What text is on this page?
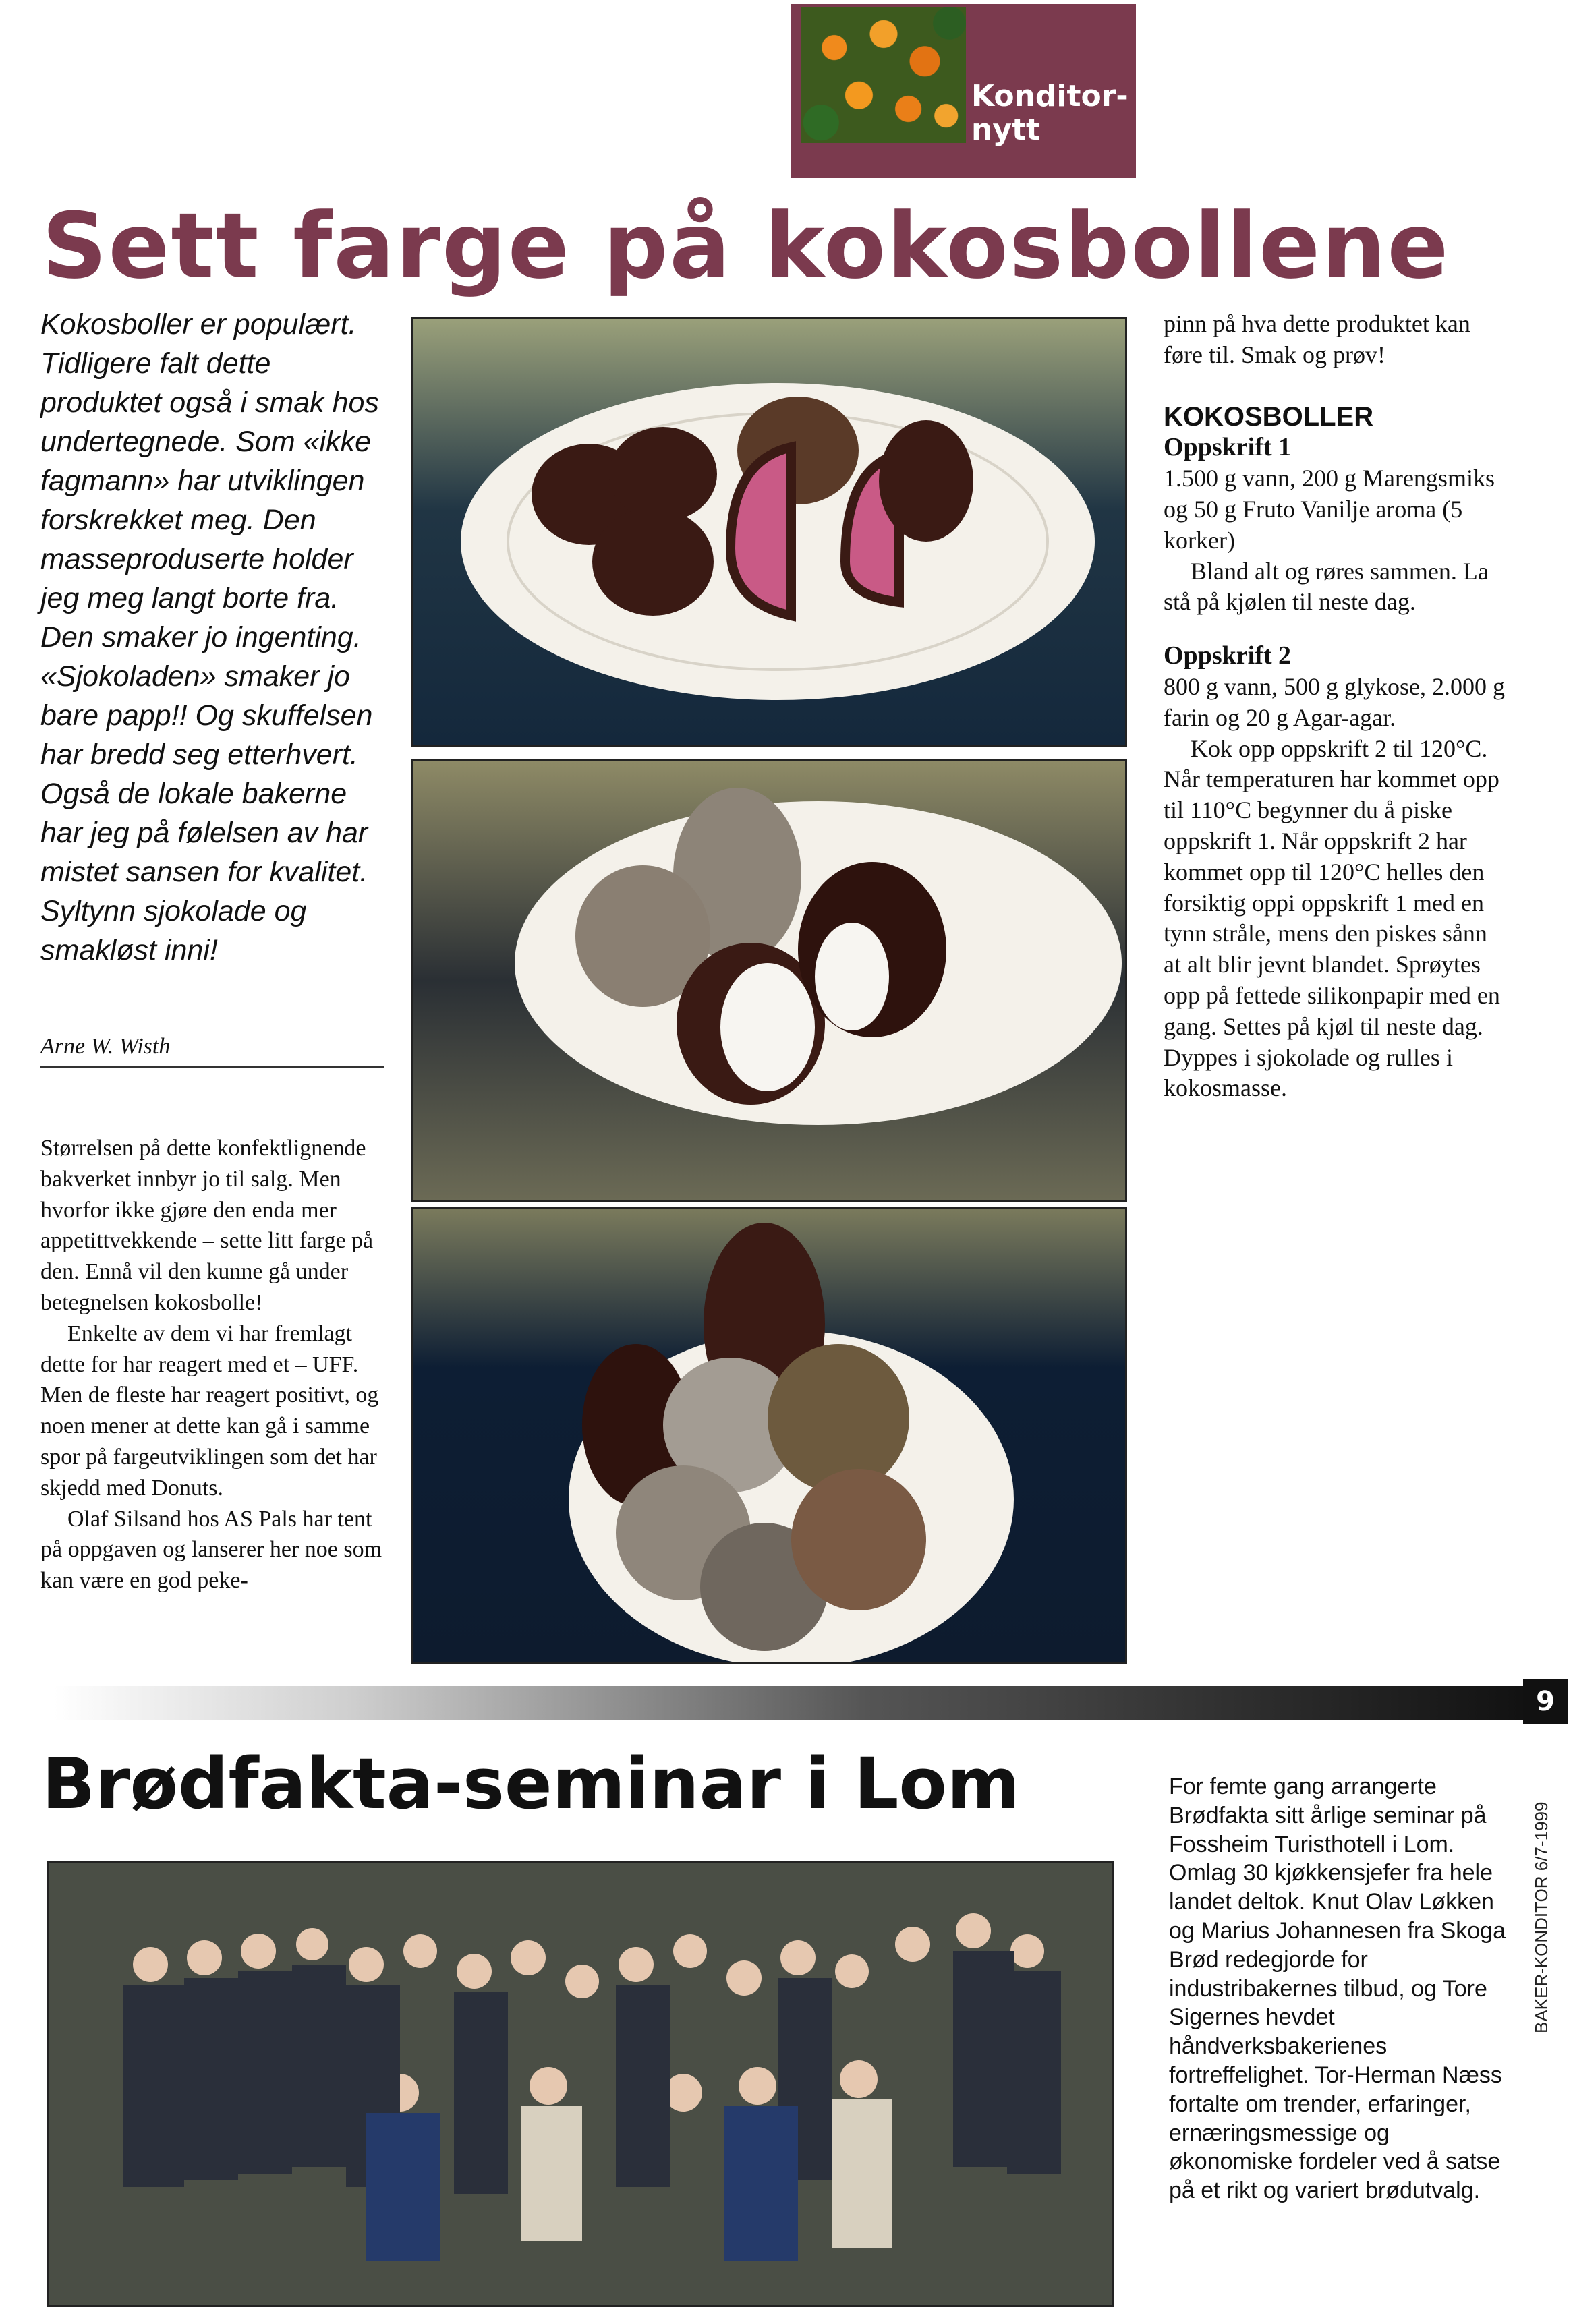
Konditor-
nytt
Sett farge på kokosbollene

Kokosboller er populært. Tidligere falt dette produktet også i smak hos undertegnede. Som «ikke fagmann» har utviklingen forskrekket meg. Den masseproduserte holder jeg meg langt borte fra. Den smaker jo ingenting. «Sjokoladen» smaker jo bare papp!! Og skuffelsen har bredd seg etterhvert. Også de lokale bakerne har jeg på følelsen av har mistet sansen for kvalitet. Syltynn sjokolade og smakløst inni!

Arne W. Wisth

Størrelsen på dette konfektlignende bakverket innbyr jo til salg. Men hvorfor ikke gjøre den enda mer appetittvekkende – sette litt farge på den. Ennå vil den kunne gå under betegnelsen kokosbolle!

Enkelte av dem vi har fremlagt dette for har reagert med et – UFF. Men de fleste har reagert positivt, og noen mener at dette kan gå i samme spor på fargeutviklingen som det har skjedd med Donuts.

Olaf Silsand hos AS Pals har tent på oppgaven og lanserer her noe som kan være en god peke-

pinn på hva dette produktet kan føre til. Smak og prøv!

KOKOSBOLLER

Oppskrift 1

1.500 g vann, 200 g Marengsmiks og 50 g Fruto Vanilje aroma (5 korker)

Bland alt og røres sammen. La stå på kjølen til neste dag.

Oppskrift 2

800 g vann, 500 g glykose, 2.000 g farin og 20 g Agar-agar.

Kok opp oppskrift 2 til 120°C. Når temperaturen har kommet opp til 110°C begynner du å piske oppskrift 1. Når oppskrift 2 har kommet opp til 120°C helles den forsiktig oppi oppskrift 1 med en tynn stråle, mens den piskes sånn at alt blir jevnt blandet. Sprøytes opp på fettede silikonpapir med en gang. Settes på kjøl til neste dag. Dyppes i sjokolade og rulles i kokosmasse.

9
Brødfakta-seminar i Lom	For femte gang arrangerte Brødfakta sitt årlige seminar på Fossheim Turisthotell i Lom. Omlag 30 kjøkkensjefer fra hele landet deltok. Knut Olav Løkken og Marius Johannesen fra Skoga Brød redegjorde for industribakernes tilbud, og Tore Sigernes hevdet håndverksbakerienes fortreffelighet. Tor-Herman Næss fortalte om trender, erfaringer, ernæringsmessige og økonomiske fordeler ved å satse på et rikt og variert brødutvalg.

BAKER-KONDITOR 6/7-1999
